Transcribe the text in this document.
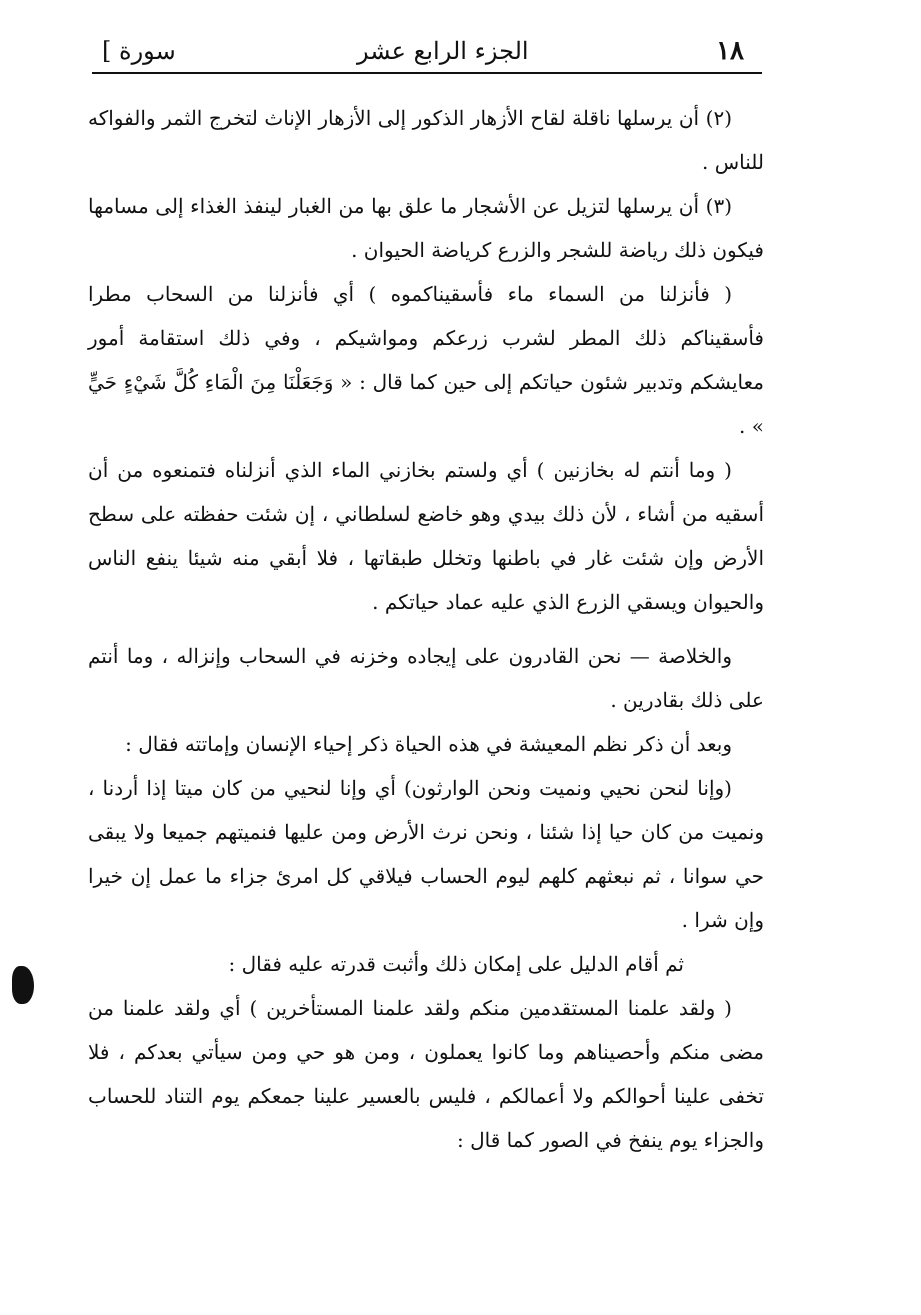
١٨
الجزء الرابع عشر
[ سورة

(٢) أن يرسلها ناقلة لقاح الأزهار الذكور إلى الأزهار الإناث لتخرج الثمر والفواكه للناس .

(٣) أن يرسلها لتزيل عن الأشجار ما علق بها من الغبار لينفذ الغذاء إلى مسامها فيكون ذلك رياضة للشجر والزرع كرياضة الحيوان .

( فأنزلنا من السماء ماء فأسقيناكموه ) أي فأنزلنا من السحاب مطرا فأسقيناكم ذلك المطر لشرب زرعكم ومواشيكم ، وفي ذلك استقامة أمور معايشكم وتدبير شئون حياتكم إلى حين كما قال : « وَجَعَلْنَا مِنَ الْمَاءِ كُلَّ شَيْءٍ حَيٍّ » .

( وما أنتم له بخازنين ) أي ولستم بخازني الماء الذي أنزلناه فتمنعوه من أن أسقيه من أشاء ، لأن ذلك بيدي وهو خاضع لسلطاني ، إن شئت حفظته على سطح الأرض وإن شئت غار في باطنها وتخلل طبقاتها ، فلا أبقي منه شيئا ينفع الناس والحيوان ويسقي الزرع الذي عليه عماد حياتكم .

والخلاصة — نحن القادرون على إيجاده وخزنه في السحاب وإنزاله ، وما أنتم على ذلك بقادرين .

وبعد أن ذكر نظم المعيشة في هذه الحياة ذكر إحياء الإنسان وإماتته فقال :

(وإنا لنحن نحيي ونميت ونحن الوارثون) أي وإنا لنحيي من كان ميتا إذا أردنا ، ونميت من كان حيا إذا شئنا ، ونحن نرث الأرض ومن عليها فنميتهم جميعا ولا يبقى حي سوانا ، ثم نبعثهم كلهم ليوم الحساب فيلاقي كل امرئ جزاء ما عمل إن خيرا وإن شرا .

ثم أقام الدليل على إمكان ذلك وأثبت قدرته عليه فقال :

( ولقد علمنا المستقدمين منكم ولقد علمنا المستأخرين ) أي ولقد علمنا من مضى منكم وأحصيناهم وما كانوا يعملون ، ومن هو حي ومن سيأتي بعدكم ، فلا تخفى علينا أحوالكم ولا أعمالكم ، فليس بالعسير علينا جمعكم يوم التناد للحساب والجزاء يوم ينفخ في الصور كما قال :
